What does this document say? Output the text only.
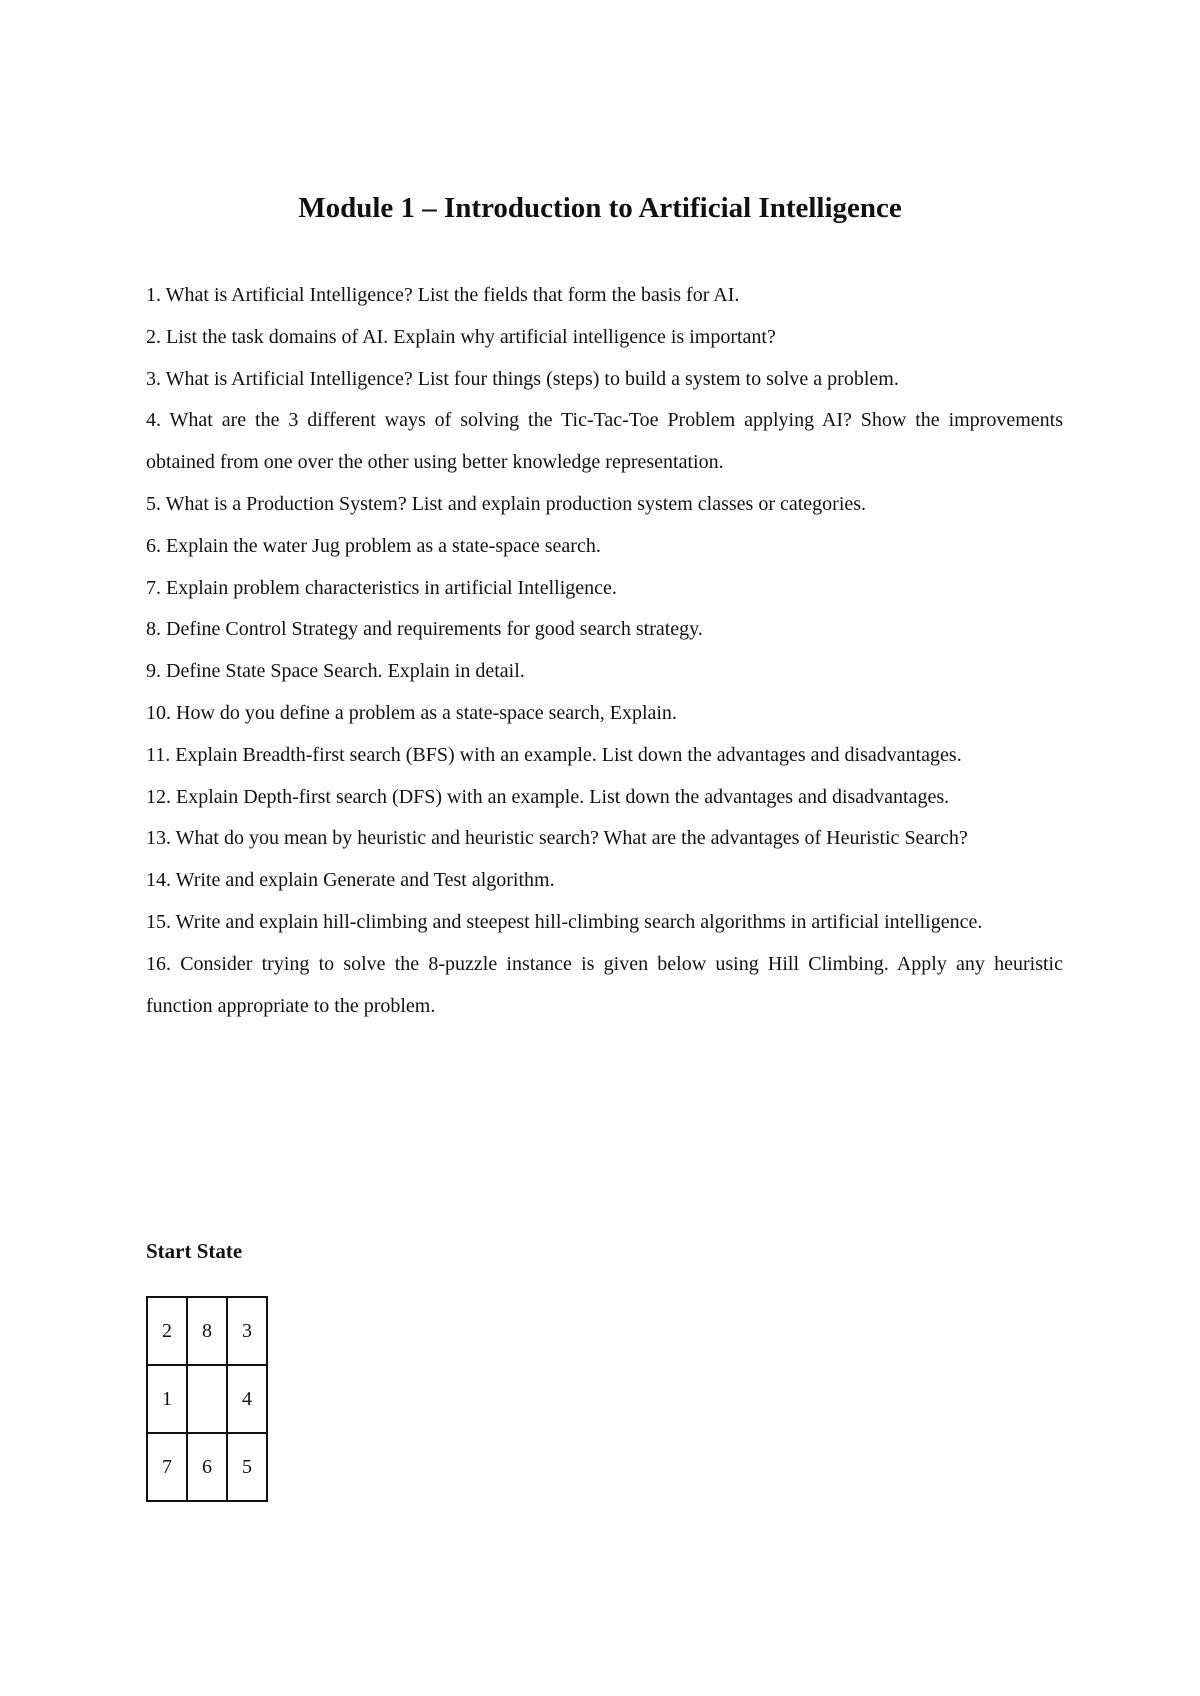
Module 1 – Introduction to Artificial Intelligence
1. What is Artificial Intelligence? List the fields that form the basis for AI.
2. List the task domains of AI. Explain why artificial intelligence is important?
3. What is Artificial Intelligence? List four things (steps) to build a system to solve a problem.
4. What are the 3 different ways of solving the Tic-Tac-Toe Problem applying AI? Show the improvements obtained from one over the other using better knowledge representation.
5. What is a Production System? List and explain production system classes or categories.
6. Explain the water Jug problem as a state-space search.
7. Explain problem characteristics in artificial Intelligence.
8. Define Control Strategy and requirements for good search strategy.
9. Define State Space Search. Explain in detail.
10. How do you define a problem as a state-space search, Explain.
11. Explain Breadth-first search (BFS) with an example. List down the advantages and disadvantages.
12. Explain Depth-first search (DFS) with an example. List down the advantages and disadvantages.
13. What do you mean by heuristic and heuristic search? What are the advantages of Heuristic Search?
14. Write and explain Generate and Test algorithm.
15. Write and explain hill-climbing and steepest hill-climbing search algorithms in artificial intelligence.
16. Consider trying to solve the 8-puzzle instance is given below using Hill Climbing. Apply any heuristic function appropriate to the problem.
Start State
2	8	3
1		4
7	6	5
